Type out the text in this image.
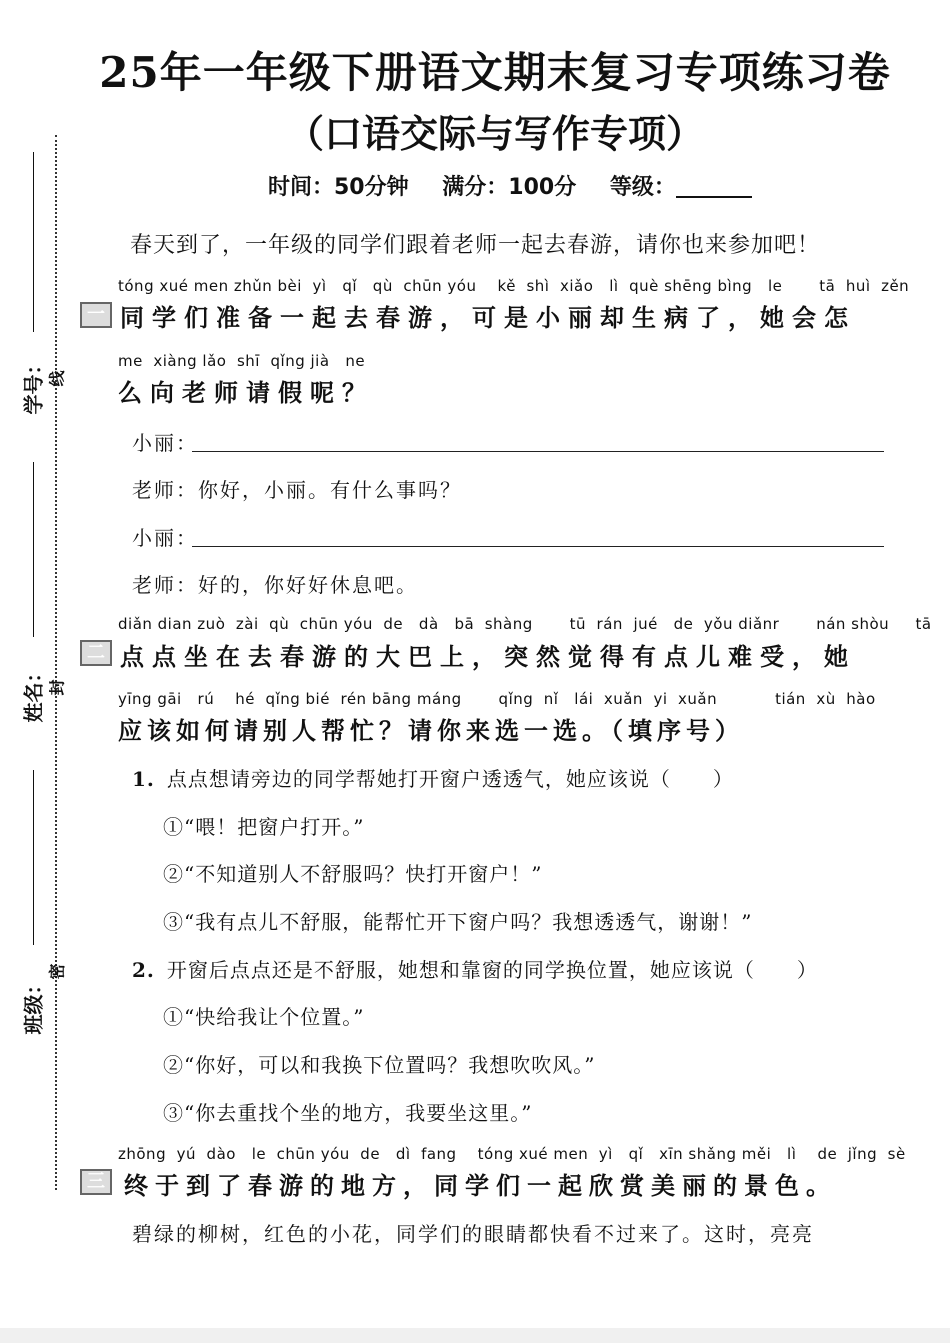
学号： 线
姓名： 封
班级：
密
25年一年级下册语文期末复习专项练习卷
（口语交际与写作专项）
时间：50分钟 满分：100分 等级：
春天到了，一年级的同学们跟着老师一起去春游，请你也来参加吧！
tóng xué men zhǔn bèi  yì   qǐ   qù  chūn yóu    kě  shì  xiǎo   lì  què shēng bìng   le       tā  huì  zěn
一 同学们准备一起去春游，可是小丽却生病了，她会怎
me  xiàng lǎo  shī  qǐng jià   ne
么向老师请假呢？
小丽：
老师：你好，小丽。有什么事吗？
小丽：
老师：好的，你好好休息吧。
diǎn dian zuò  zài  qù  chūn yóu  de   dà   bā  shàng       tū  rán  jué   de  yǒu diǎnr       nán shòu     tā
二 点点坐在去春游的大巴上，突然觉得有点儿难受，她
yīng gāi   rú    hé  qǐng bié  rén bāng máng       qǐng  nǐ   lái  xuǎn  yi  xuǎn           tián  xù  hào
应该如何请别人帮忙？请你来选一选。（填序号）
1. 点点想请旁边的同学帮她打开窗户透透气，她应该说（　　）
①“喂！把窗户打开。”
②“不知道别人不舒服吗？快打开窗户！”
③“我有点儿不舒服，能帮忙开下窗户吗？我想透透气，谢谢！”
2. 开窗后点点还是不舒服，她想和靠窗的同学换位置，她应该说（　　）
①“快给我让个位置。”
②“你好，可以和我换下位置吗？我想吹吹风。”
③“你去重找个坐的地方，我要坐这里。”
zhōng  yú  dào   le  chūn yóu  de   dì  fang    tóng xué men  yì   qǐ   xīn shǎng měi   lì    de  jǐng  sè
三 终于到了春游的地方，同学们一起欣赏美丽的景色。
碧绿的柳树，红色的小花，同学们的眼睛都快看不过来了。这时，亮亮
